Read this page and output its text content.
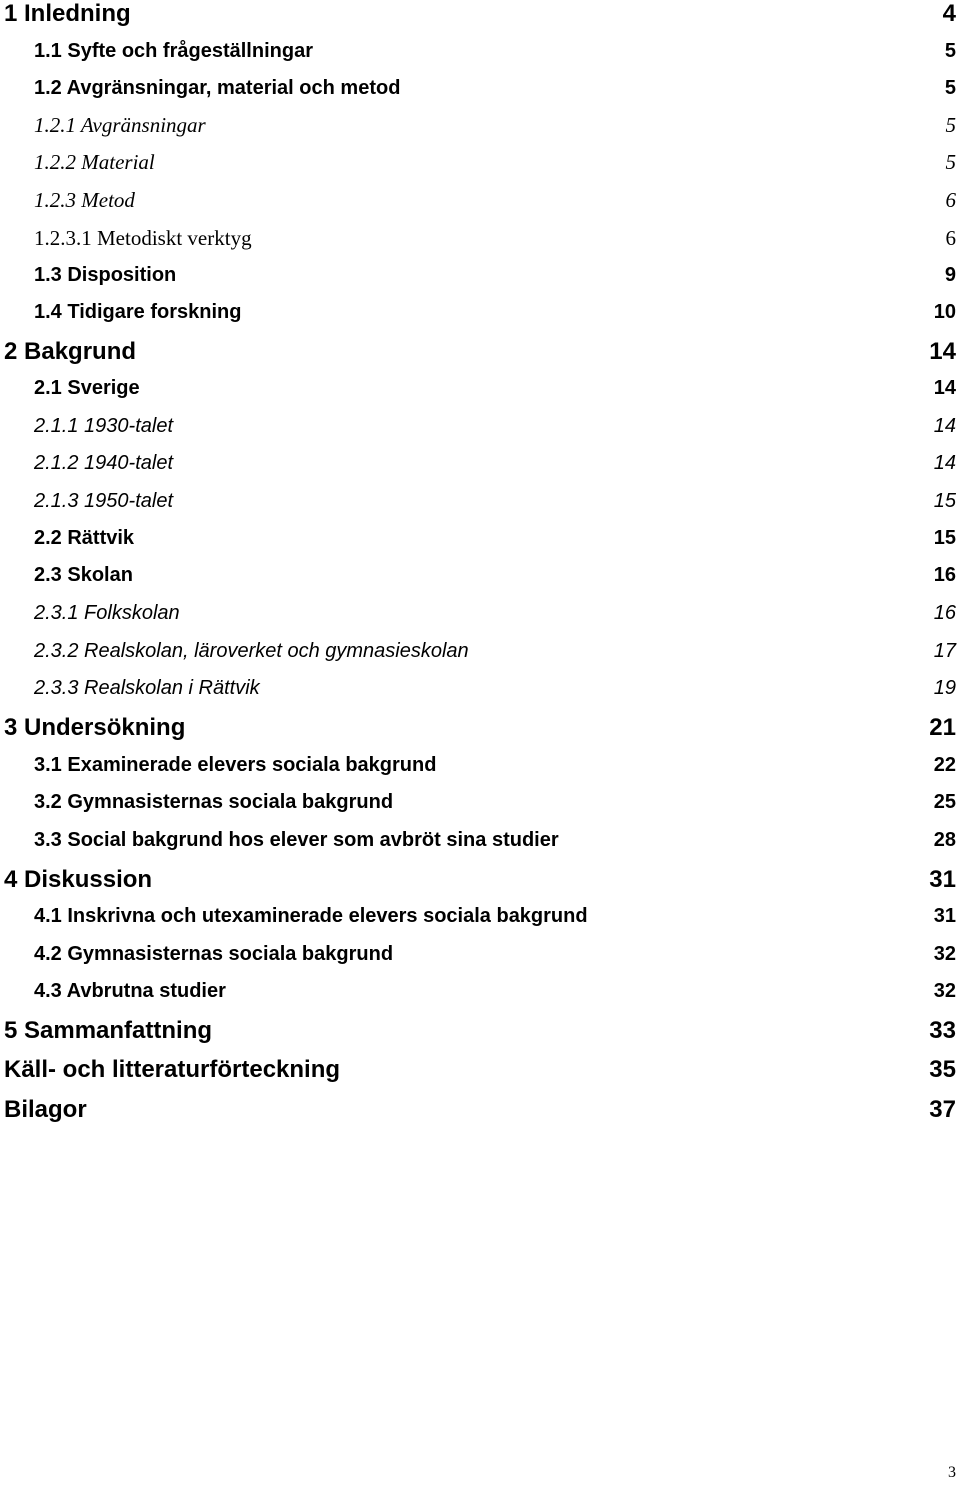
1 Inledning	4
1.1 Syfte och frågeställningar	5
1.2 Avgränsningar, material och metod	5
1.2.1 Avgränsningar	5
1.2.2 Material	5
1.2.3 Metod	6
1.2.3.1 Metodiskt verktyg	6
1.3 Disposition	9
1.4 Tidigare forskning	10
2 Bakgrund	14
2.1 Sverige	14
2.1.1 1930-talet	14
2.1.2 1940-talet	14
2.1.3 1950-talet	15
2.2 Rättvik	15
2.3 Skolan	16
2.3.1 Folkskolan	16
2.3.2 Realskolan, läroverket och gymnasieskolan	17
2.3.3 Realskolan i Rättvik	19
3 Undersökning	21
3.1 Examinerade elevers sociala bakgrund	22
3.2 Gymnasisternas sociala bakgrund	25
3.3 Social bakgrund hos elever som avbröt sina studier	28
4 Diskussion	31
4.1 Inskrivna och utexaminerade elevers sociala bakgrund	31
4.2 Gymnasisternas sociala bakgrund	32
4.3 Avbrutna studier	32
5 Sammanfattning	33
Käll- och litteraturförteckning	35
Bilagor	37
3
